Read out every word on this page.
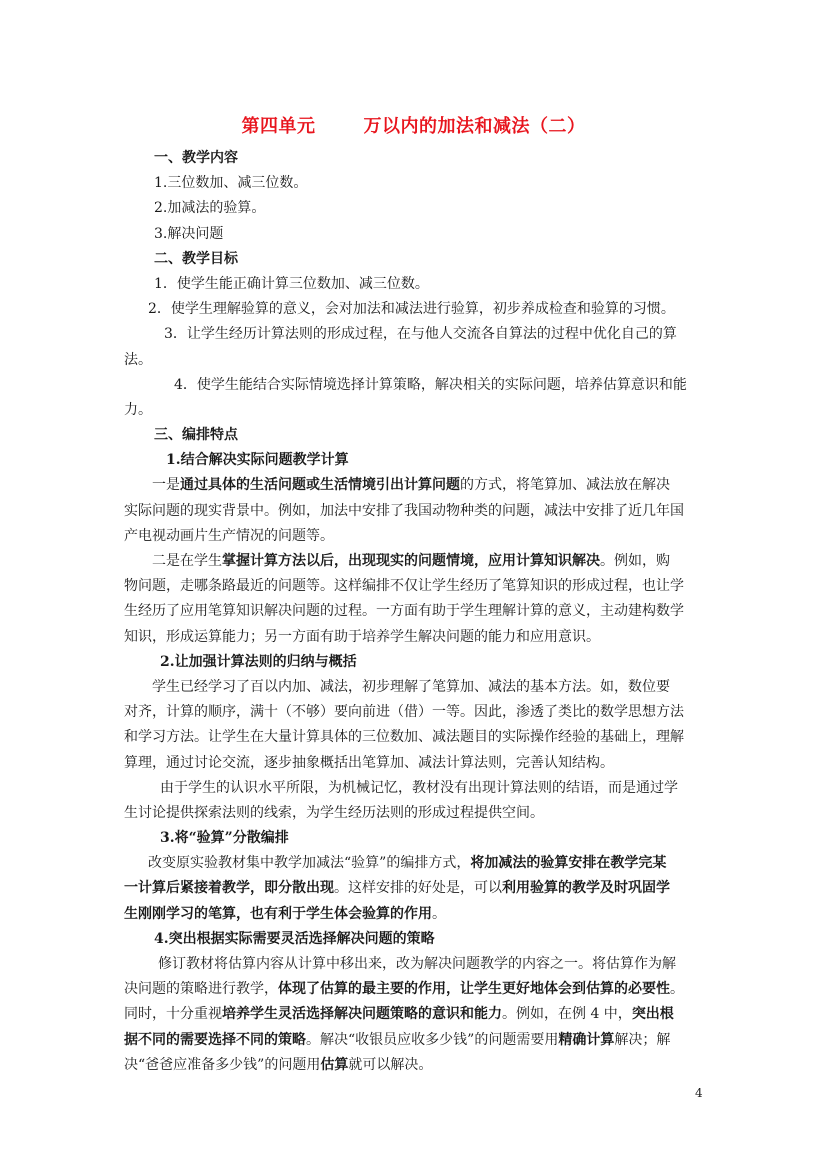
第四单元	万以内的加法和减法（二）
一、教学内容
1.三位数加、减三位数。
2.加减法的验算。
3.解决问题
二、教学目标
1．使学生能正确计算三位数加、减三位数。
2．使学生理解验算的意义，会对加法和减法进行验算，初步养成检查和验算的习惯。
3．让学生经历计算法则的形成过程，在与他人交流各自算法的过程中优化自己的算
法。
4．使学生能结合实际情境选择计算策略，解决相关的实际问题，培养估算意识和能
力。
三、编排特点
1.结合解决实际问题教学计算
一是通过具体的生活问题或生活情境引出计算问题的方式，将笔算加、减法放在解决
实际问题的现实背景中。例如，加法中安排了我国动物种类的问题，减法中安排了近几年国
产电视动画片生产情况的问题等。
二是在学生掌握计算方法以后，出现现实的问题情境，应用计算知识解决。例如，购
物问题，走哪条路最近的问题等。这样编排不仅让学生经历了笔算知识的形成过程，也让学
生经历了应用笔算知识解决问题的过程。一方面有助于学生理解计算的意义，主动建构数学
知识，形成运算能力；另一方面有助于培养学生解决问题的能力和应用意识。
2.让加强计算法则的归纳与概括
学生已经学习了百以内加、减法，初步理解了笔算加、减法的基本方法。如，数位要
对齐，计算的顺序，满十（不够）要向前进（借）一等。因此，渗透了类比的数学思想方法
和学习方法。让学生在大量计算具体的三位数加、减法题目的实际操作经验的基础上，理解
算理，通过讨论交流，逐步抽象概括出笔算加、减法计算法则，完善认知结构。
由于学生的认识水平所限，为机械记忆，教材没有出现计算法则的结语，而是通过学
生讨论提供探索法则的线索，为学生经历法则的形成过程提供空间。
3.将“验算”分散编排
改变原实验教材集中教学加减法“验算”的编排方式，将加减法的验算安排在教学完某
一计算后紧接着教学，即分散出现。这样安排的好处是，可以利用验算的教学及时巩固学
生刚刚学习的笔算，也有利于学生体会验算的作用。
4.突出根据实际需要灵活选择解决问题的策略
修订教材将估算内容从计算中移出来，改为解决问题教学的内容之一。将估算作为解
决问题的策略进行教学，体现了估算的最主要的作用，让学生更好地体会到估算的必要性。
同时，十分重视培养学生灵活选择解决问题策略的意识和能力。例如，在例 4 中，突出根
据不同的需要选择不同的策略。解决“收银员应收多少钱”的问题需要用精确计算解决；解
决“爸爸应准备多少钱”的问题用估算就可以解决。
4
